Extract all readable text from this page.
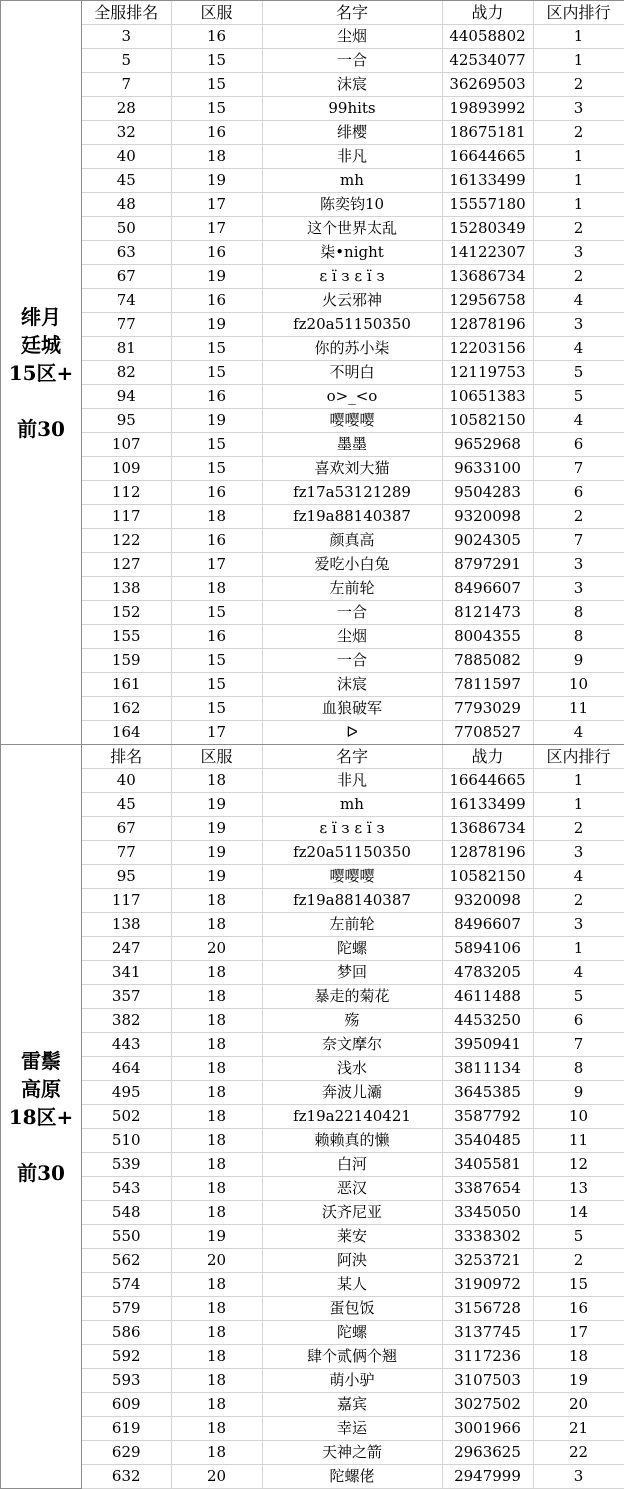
绯月
廷城
15区+
前30
全服排名	区服	名字	战力	区内排行
3	16	尘烟	44058802	1
5	15	一合	42534077	1
7	15	沫宸	36269503	2
28	15	99hits	19893992	3
32	16	绯樱	18675181	2
40	18	非凡	16644665	1
45	19	mh	16133499	1
48	17	陈奕钧10	15557180	1
50	17	这个世界太乱	15280349	2
63	16	柒•night	14122307	3
67	19	ε ï з ε ï з	13686734	2
74	16	火云邪神	12956758	4
77	19	fz20a51150350	12878196	3
81	15	你的苏小柒	12203156	4
82	15	不明白	12119753	5
94	16	o>_<o	10651383	5
95	19	嘤嘤嘤	10582150	4
107	15	墨墨	9652968	6
109	15	喜欢刘大猫	9633100	7
112	16	fz17a53121289	9504283	6
117	18	fz19a88140387	9320098	2
122	16	颜真高	9024305	7
127	17	爱吃小白兔	8797291	3
138	18	左前轮	8496607	3
152	15	一合	8121473	8
155	16	尘烟	8004355	8
159	15	一合	7885082	9
161	15	沫宸	7811597	10
162	15	血狼破军	7793029	11
164	17	ᐅ	7708527	4
雷鬃
高原
18区+
前30
排名	区服	名字	战力	区内排行
40	18	非凡	16644665	1
45	19	mh	16133499	1
67	19	ε ï з ε ï з	13686734	2
77	19	fz20a51150350	12878196	3
95	19	嘤嘤嘤	10582150	4
117	18	fz19a88140387	9320098	2
138	18	左前轮	8496607	3
247	20	陀螺	5894106	1
341	18	梦回	4783205	4
357	18	暴走的菊花	4611488	5
382	18	殇	4453250	6
443	18	奈文摩尔	3950941	7
464	18	浅水	3811134	8
495	18	奔波儿灞	3645385	9
502	18	fz19a22140421	3587792	10
510	18	赖赖真的懒	3540485	11
539	18	白河	3405581	12
543	18	恶汉	3387654	13
548	18	沃齐尼亚	3345050	14
550	19	莱安	3338302	5
562	20	阿泱	3253721	2
574	18	某人	3190972	15
579	18	蛋包饭	3156728	16
586	18	陀螺	3137745	17
592	18	肆个贰俩个翘	3117236	18
593	18	萌小驴	3107503	19
609	18	嘉宾	3027502	20
619	18	幸运	3001966	21
629	18	天神之箭	2963625	22
632	20	陀螺佬	2947999	3
